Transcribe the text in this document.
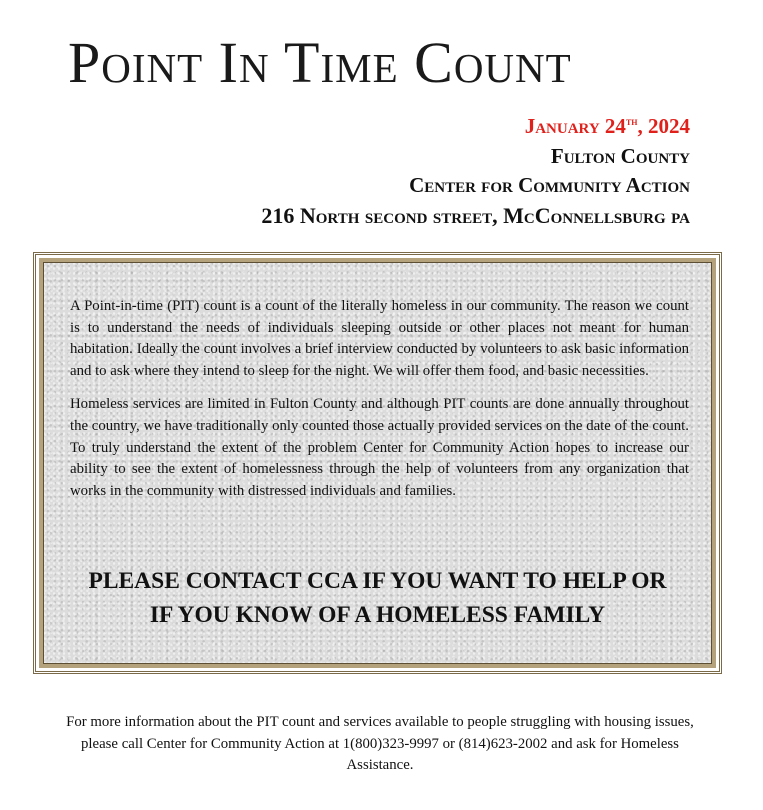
Point In Time Count
January 24th, 2024
Fulton County
Center for Community Action
216 North second street, McConnellsburg pa

A Point-in-time (PIT) count is a count of the literally homeless in our community. The reason we count is to understand the needs of individuals sleeping outside or other places not meant for human habitation. Ideally the count involves a brief interview conducted by volunteers to ask basic information and to ask where they intend to sleep for the night. We will offer them food, and basic necessities.

Homeless services are limited in Fulton County and although PIT counts are done annually throughout the country, we have traditionally only counted those actually provided services on the date of the count. To truly understand the extent of the problem Center for Community Action hopes to increase our ability to see the extent of homelessness through the help of volunteers from any organization that works in the community with distressed individuals and families.

PLEASE CONTACT CCA IF YOU WANT TO HELP OR
IF YOU KNOW OF A HOMELESS FAMILY
For more information about the PIT count and services available to people struggling with housing issues, please call Center for Community Action at 1(800)323-9997 or (814)623-2002 and ask for Homeless Assistance.
